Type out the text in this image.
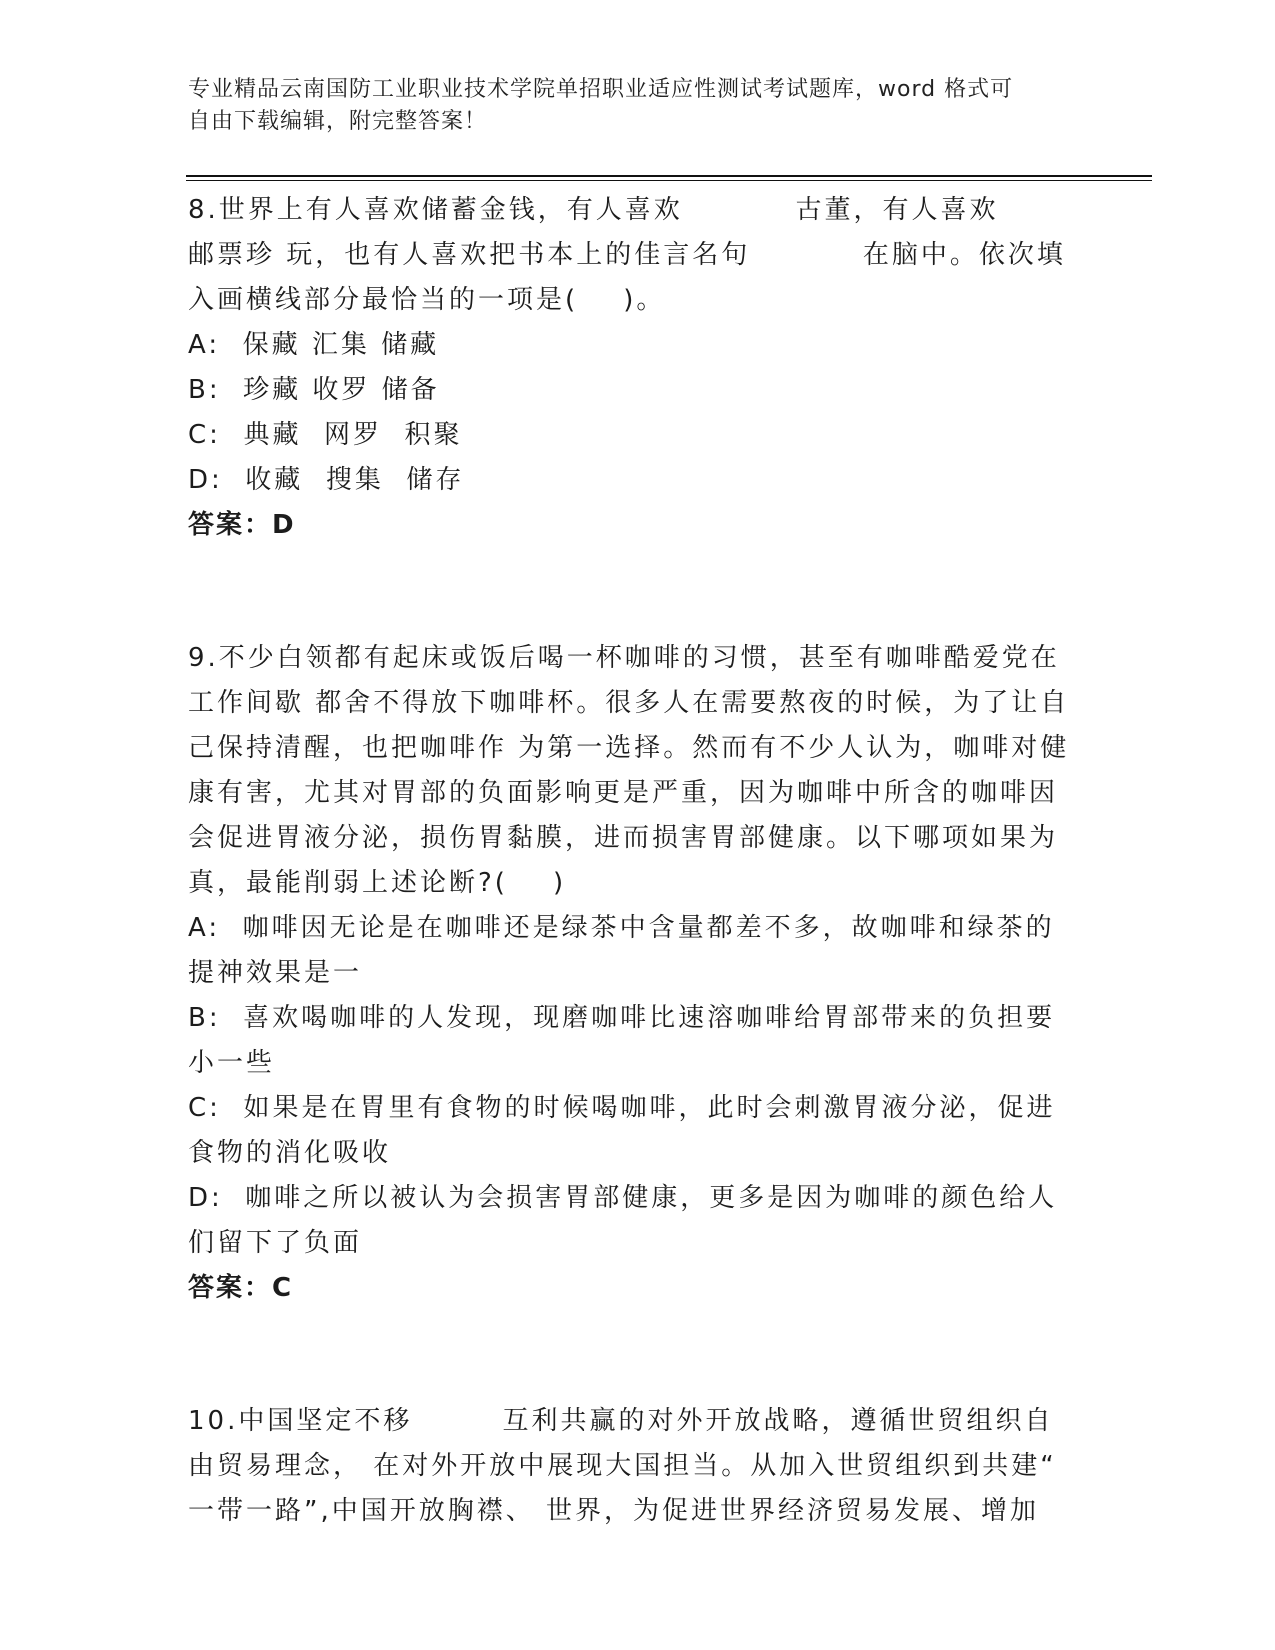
专业精品云南国防工业职业技术学院单招职业适应性测试考试题库，word 格式可
自由下载编辑，附完整答案！
8.世界上有人喜欢储蓄金钱，有人喜欢          古董，有人喜欢
邮票珍 玩，也有人喜欢把书本上的佳言名句          在脑中。依次填
入画横线部分最恰当的一项是(    )。
A:  保藏 汇集 储藏
B:  珍藏 收罗 储备
C:  典藏  网罗  积聚
D:  收藏  搜集  储存
答案：D
9.不少白领都有起床或饭后喝一杯咖啡的习惯，甚至有咖啡酷爱党在
工作间歇 都舍不得放下咖啡杯。很多人在需要熬夜的时候，为了让自
己保持清醒，也把咖啡作 为第一选择。然而有不少人认为，咖啡对健
康有害，尤其对胃部的负面影响更是严重，因为咖啡中所含的咖啡因
会促进胃液分泌，损伤胃黏膜，进而损害胃部健康。以下哪项如果为
真，最能削弱上述论断?(    )
A:  咖啡因无论是在咖啡还是绿茶中含量都差不多，故咖啡和绿茶的
提神效果是一
B:  喜欢喝咖啡的人发现，现磨咖啡比速溶咖啡给胃部带来的负担要
小一些
C:  如果是在胃里有食物的时候喝咖啡，此时会刺激胃液分泌，促进
食物的消化吸收
D:  咖啡之所以被认为会损害胃部健康，更多是因为咖啡的颜色给人
们留下了负面
答案：C
10.中国坚定不移        互利共赢的对外开放战略，遵循世贸组织自
由贸易理念， 在对外开放中展现大国担当。从加入世贸组织到共建“
一带一路”,中国开放胸襟、 世界，为促进世界经济贸易发展、增加
